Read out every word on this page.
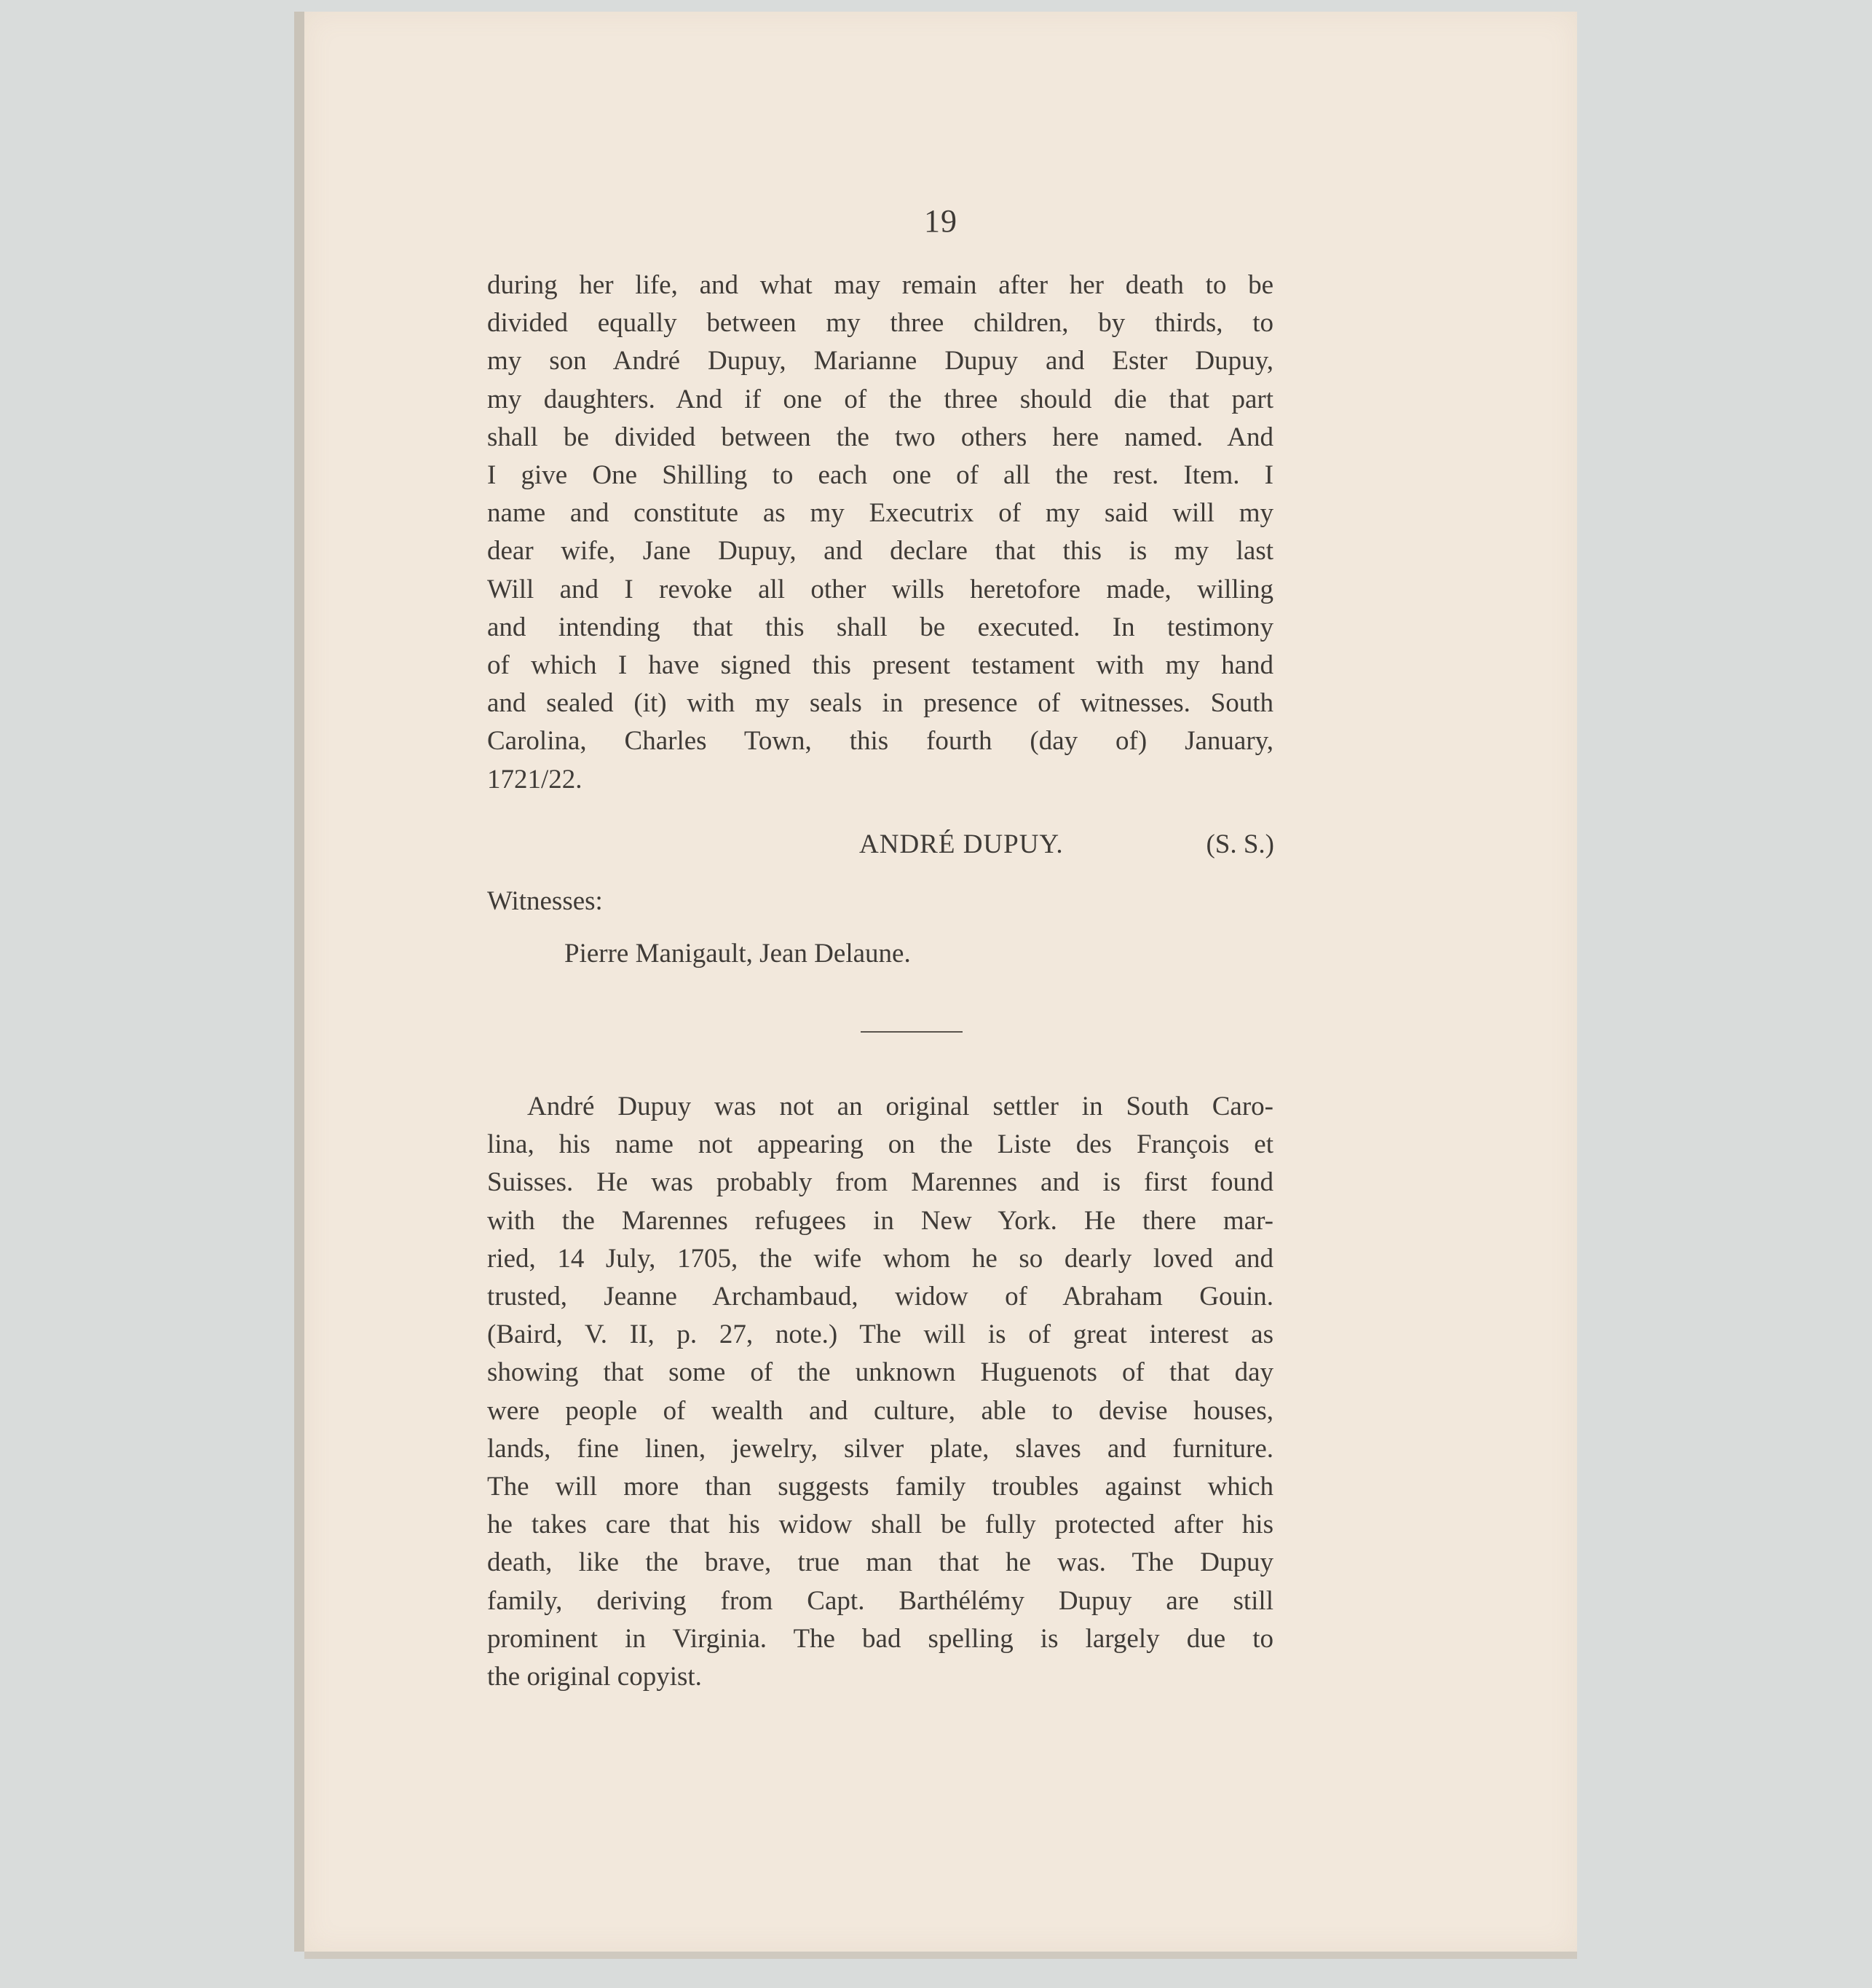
19
during her life, and what may remain after her death to be
divided equally between my three children, by thirds, to
my son André Dupuy, Marianne Dupuy and Ester Dupuy,
my daughters. And if one of the three should die that part
shall be divided between the two others here named. And
I give One Shilling to each one of all the rest. Item. I
name and constitute as my Executrix of my said will my
dear wife, Jane Dupuy, and declare that this is my last
Will and I revoke all other wills heretofore made, willing
and intending that this shall be executed. In testimony
of which I have signed this present testament with my hand
and sealed (it) with my seals in presence of witnesses. South
Carolina, Charles Town, this fourth (day of) January,
1721/22.
ANDRÉ DUPUY.	(S. S.)
Witnesses:
Pierre Manigault, Jean Delaune.
André Dupuy was not an original settler in South Caro-
lina, his name not appearing on the Liste des François et
Suisses. He was probably from Marennes and is first found
with the Marennes refugees in New York. He there mar-
ried, 14 July, 1705, the wife whom he so dearly loved and
trusted, Jeanne Archambaud, widow of Abraham Gouin.
(Baird, V. II, p. 27, note.) The will is of great interest as
showing that some of the unknown Huguenots of that day
were people of wealth and culture, able to devise houses,
lands, fine linen, jewelry, silver plate, slaves and furniture.
The will more than suggests family troubles against which
he takes care that his widow shall be fully protected after his
death, like the brave, true man that he was. The Dupuy
family, deriving from Capt. Barthélémy Dupuy are still
prominent in Virginia. The bad spelling is largely due to
the original copyist.
